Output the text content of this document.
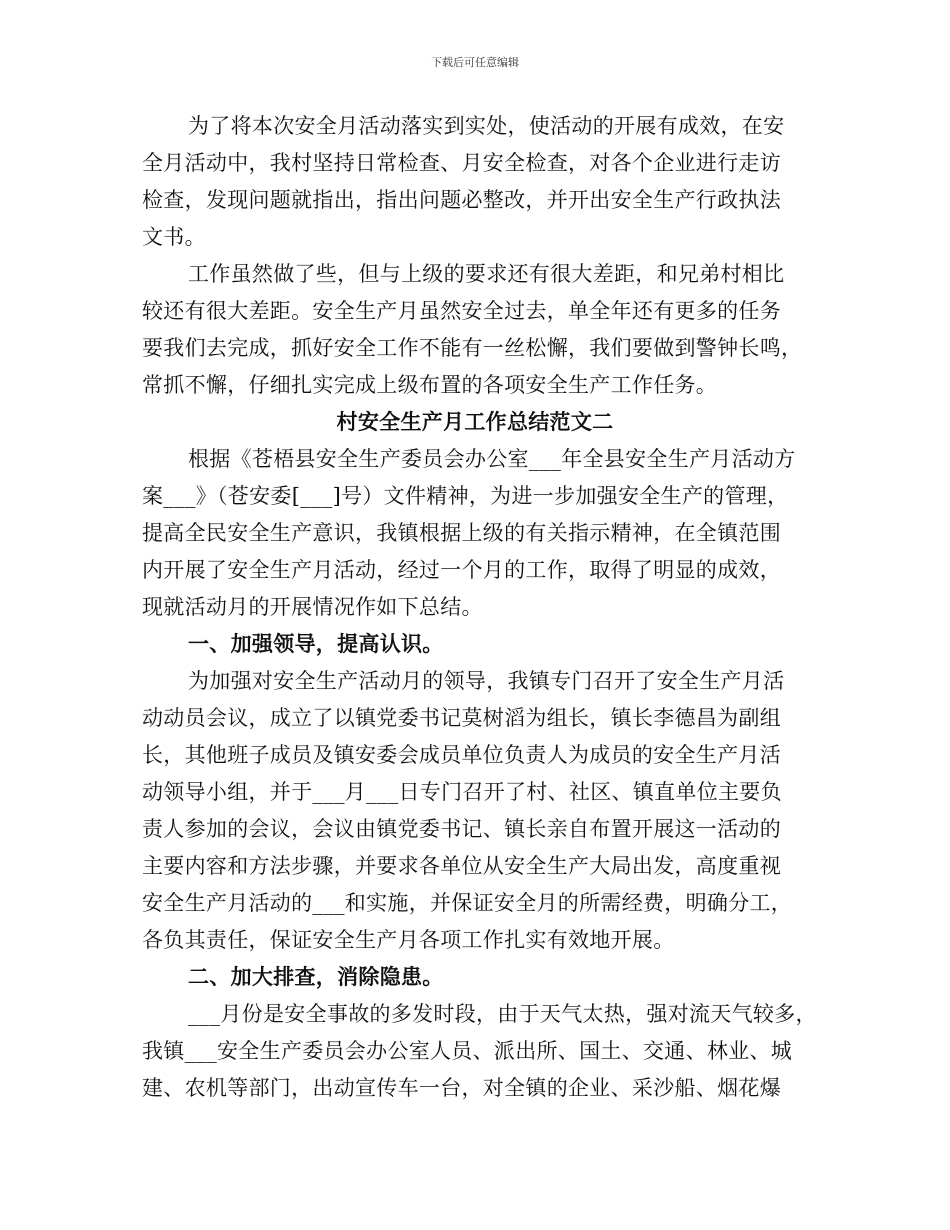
下载后可任意编辑
为了将本次安全月活动落实到实处，使活动的开展有成效，在安
全月活动中，我村坚持日常检查、月安全检查，对各个企业进行走访
检查，发现问题就指出，指出问题必整改，并开出安全生产行政执法
文书。
工作虽然做了些，但与上级的要求还有很大差距，和兄弟村相比
较还有很大差距。安全生产月虽然安全过去，单全年还有更多的任务
要我们去完成，抓好安全工作不能有一丝松懈，我们要做到警钟长鸣，
常抓不懈，仔细扎实完成上级布置的各项安全生产工作任务。
村安全生产月工作总结范文二
根据《苍梧县安全生产委员会办公室___年全县安全生产月活动方
案___》（苍安委[___]号）文件精神，为进一步加强安全生产的管理，
提高全民安全生产意识，我镇根据上级的有关指示精神，在全镇范围
内开展了安全生产月活动，经过一个月的工作，取得了明显的成效，
现就活动月的开展情况作如下总结。
一、加强领导，提高认识。
为加强对安全生产活动月的领导，我镇专门召开了安全生产月活
动动员会议，成立了以镇党委书记莫树滔为组长，镇长李德昌为副组
长，其他班子成员及镇安委会成员单位负责人为成员的安全生产月活
动领导小组，并于___月___日专门召开了村、社区、镇直单位主要负
责人参加的会议，会议由镇党委书记、镇长亲自布置开展这一活动的
主要内容和方法步骤，并要求各单位从安全生产大局出发，高度重视
安全生产月活动的___和实施，并保证安全月的所需经费，明确分工，
各负其责任，保证安全生产月各项工作扎实有效地开展。
二、加大排查，消除隐患。
___月份是安全事故的多发时段，由于天气太热，强对流天气较多，
我镇___安全生产委员会办公室人员、派出所、国土、交通、林业、城
建、农机等部门，出动宣传车一台，对全镇的企业、采沙船、烟花爆
